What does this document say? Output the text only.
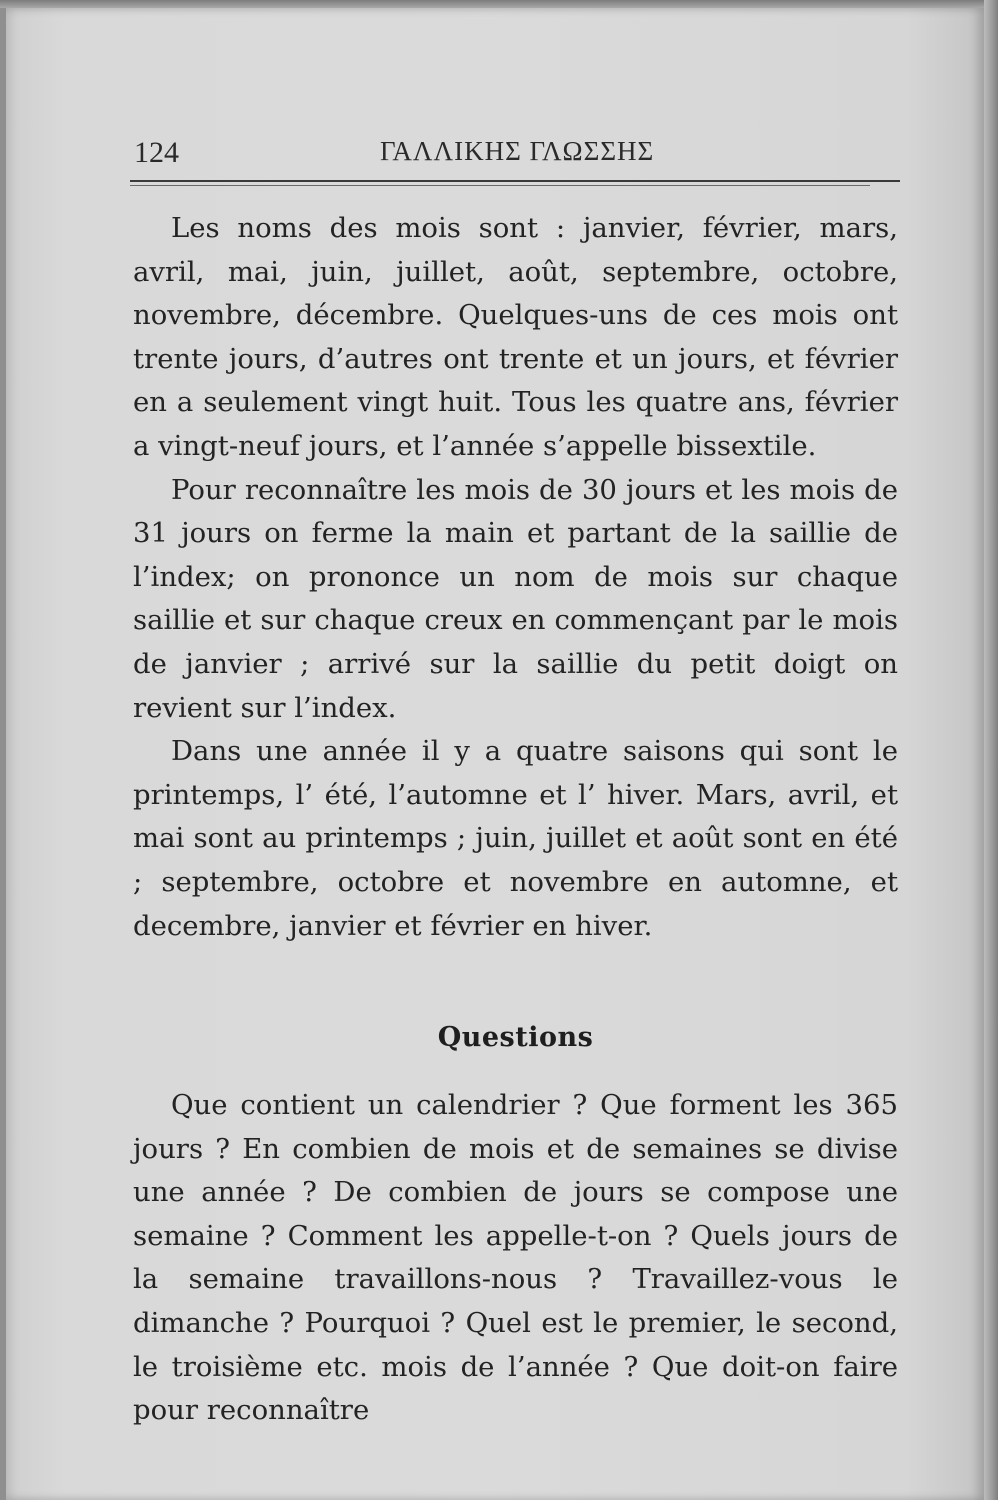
124	ΓΑΛΛΙΚΗΣ ΓΛΩΣΣΗΣ

Les noms des mois sont : janvier, février, mars, avril, mai, juin, juillet, août, septembre, octobre, novembre, décembre. Quelques-uns de ces mois ont trente jours, d’autres ont trente et un jours, et février en a seulement vingt huit. Tous les quatre ans, février a vingt-neuf jours, et l’année s’appelle bissextile.

Pour reconnaître les mois de 30 jours et les mois de 31 jours on ferme la main et partant de la saillie de l’index; on prononce un nom de mois sur chaque saillie et sur chaque creux en commençant par le mois de janvier ; arrivé sur la saillie du petit doigt on revient sur l’index.

Dans une année il y a quatre saisons qui sont le printemps, l’ été, l’automne et l’ hiver. Mars, avril, et mai sont au printemps ; juin, juillet et août sont en été ; septembre, octobre et novembre en automne, et decembre, janvier et février en hiver.

Questions

Que contient un calendrier ? Que forment les 365 jours ? En combien de mois et de semaines se divise une année ? De combien de jours se compose une semaine ? Comment les appelle-t-on ? Quels jours de la semaine travaillons-nous ? Travaillez-vous le dimanche ? Pourquoi ? Quel est le premier, le second, le troisième etc. mois de l’année ? Que doit-on faire pour reconnaître
